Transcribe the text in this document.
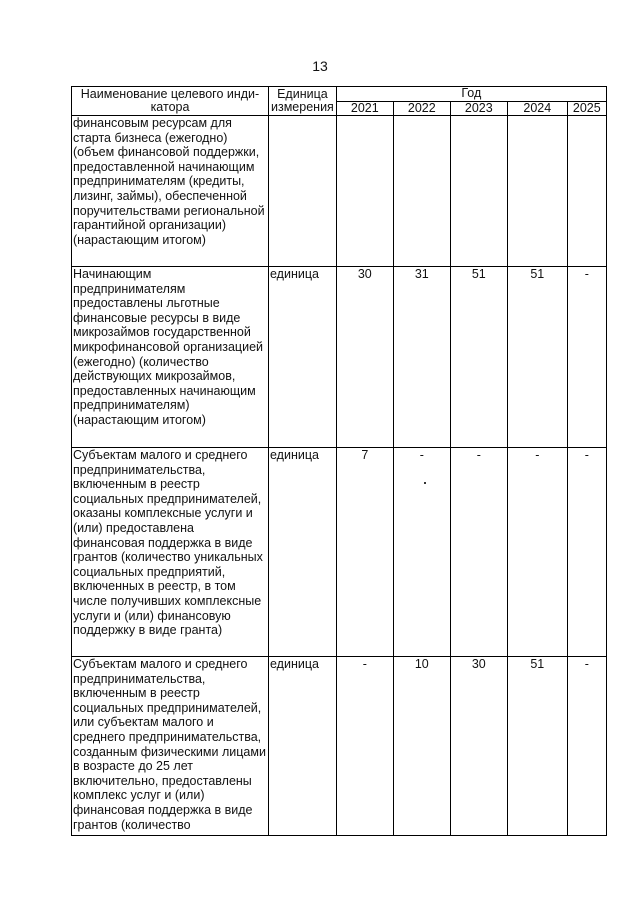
13
Наименование целевого инди-катора	Единица измерения	Год				
		2021	2022	2023	2024	2025
финансовым ресурсам для старта бизнеса (ежегодно) (объем финансовой поддержки, предоставленной начинающим предпринимателям (кредиты, лизинг, займы), обеспеченной поручительствами региональной гарантийной организации) (нарастающим итогом)						
Начинающим предпринимателям предоставлены льготные финансовые ресурсы в виде микрозаймов государственной микрофинансовой организацией (ежегодно) (количество действующих микрозаймов, предоставленных начинающим предпринимателям) (нарастающим итогом)	единица	30	31	51	51	-
Субъектам малого и среднего предпринимательства, включенным в реестр социальных предпринимателей, оказаны комплексные услуги и (или) предоставлена финансовая поддержка в виде грантов (количество уникальных социальных предприятий, включенных в реестр, в том числе получивших комплексные услуги и (или) финансовую поддержку в виде гранта)	единица	7	-	-	-	-
Субъектам малого и среднего предпринимательства, включенным в реестр социальных предпринимателей, или субъектам малого и среднего предпринимательства, созданным физическими лицами в возрасте до 25 лет включительно, предоставлены комплекс услуг и (или) финансовая поддержка в виде грантов (количество	единица	-	10	30	51	-
